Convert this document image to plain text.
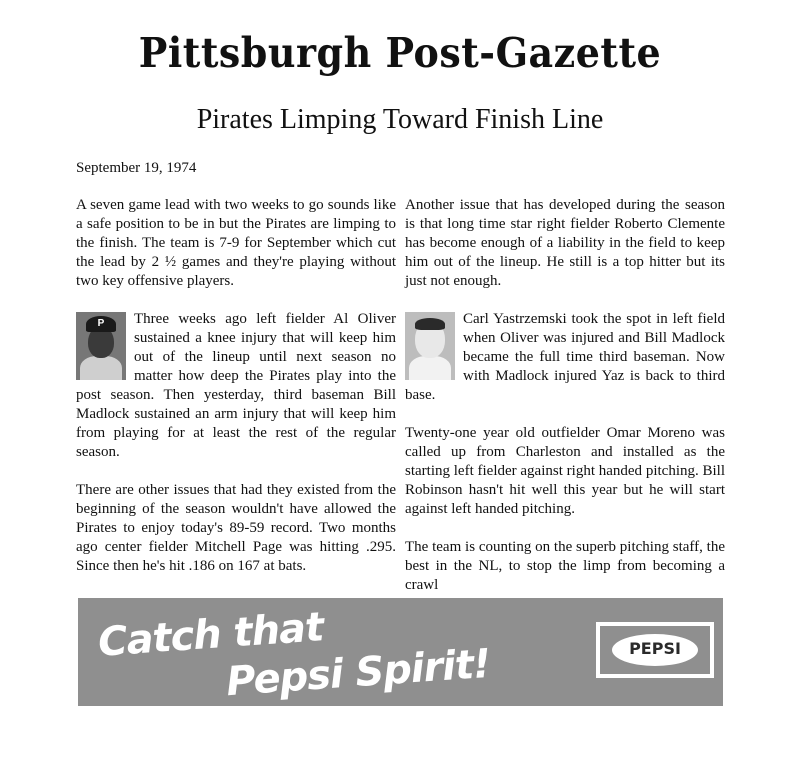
Pittsburgh Post-Gazette
Pirates Limping Toward Finish Line
September 19, 1974

A seven game lead with two weeks to go sounds like a safe position to be in but the Pirates are limping to the finish. The team is 7-9 for September which cut the lead by 2 ½ games and they're playing without two key offensive players.

P	Three weeks ago left fielder Al Oliver sustained a knee injury that will keep him out of the lineup until next season no matter how deep the Pirates play into the post season. Then yesterday, third baseman Bill Madlock sustained an arm injury that will keep him from playing for at least the rest of the regular season.

There are other issues that had they existed from the beginning of the season wouldn't have allowed the Pirates to enjoy today's 89-59 record. Two months ago center fielder Mitchell Page was hitting .295. Since then he's hit .186 on 167 at bats.

Another issue that has developed during the season is that long time star right fielder Roberto Clemente has become enough of a liability in the field to keep him out of the lineup. He still is a top hitter but its just not enough.

Carl Yastrzemski took the spot in left field when Oliver was injured and Bill Madlock became the full time third baseman. Now with Madlock injured Yaz is back to third base.

Twenty-one year old outfielder Omar Moreno was called up from Charleston and installed as the starting left fielder against right handed pitching. Bill Robinson hasn't hit well this year but he will start against left handed pitching.

The team is counting on the superb pitching staff, the best in the NL, to stop the limp from becoming a crawl

Catch that
Pepsi Spirit!	PEPSI
